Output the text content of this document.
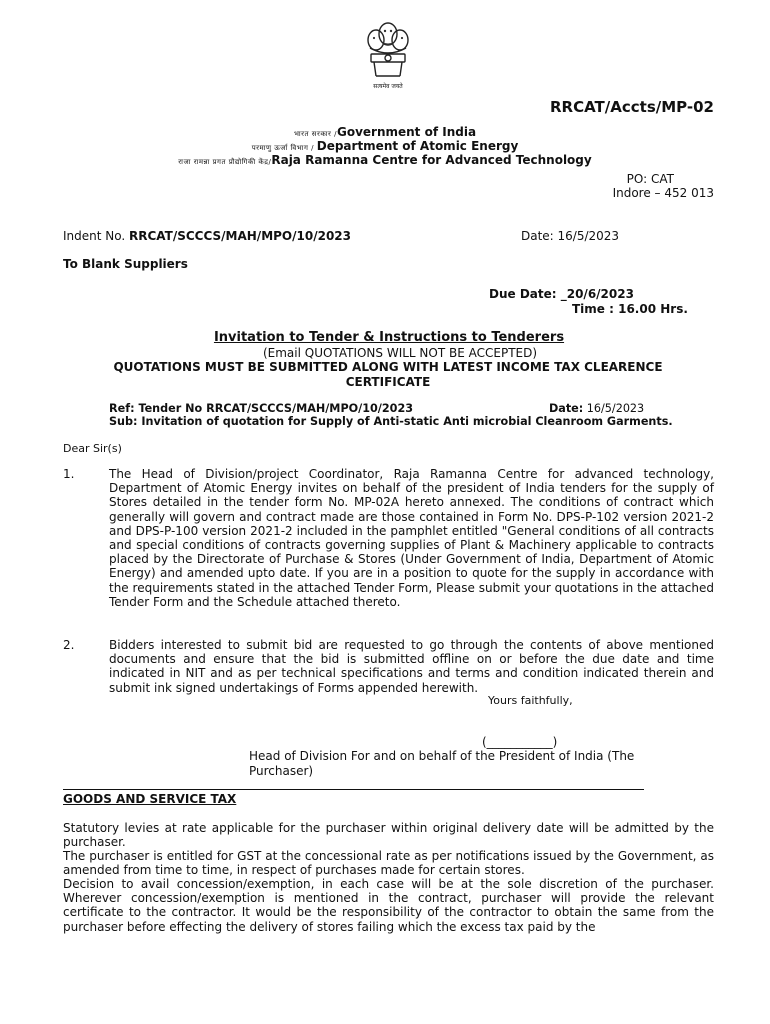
सत्यमेव जयते
RRCAT/Accts/MP-02
भारत सरकार /Government of India
परमाणु ऊर्जा विभाग / Department of Atomic Energy
राजा रामन्ना प्रगत प्रौद्योगिकी केंद्र/Raja Ramanna Centre for Advanced Technology
PO: CAT
Indore – 452 013
Indent No. RRCAT/SCCCS/MAH/MPO/10/2023	Date: 16/5/2023
To Blank Suppliers
Due Date: _20/6/2023
Time : 16.00 Hrs.
Invitation to Tender & Instructions to Tenderers
(Email QUOTATIONS WILL NOT BE ACCEPTED)
QUOTATIONS MUST BE SUBMITTED ALONG WITH LATEST INCOME TAX CLEARENCE CERTIFICATE
Ref: Tender No RRCAT/SCCCS/MAH/MPO/10/2023	Date: 16/5/2023
Sub: Invitation of quotation for Supply of Anti-static Anti microbial Cleanroom Garments.
Dear Sir(s)
1.	The Head of Division/project Coordinator, Raja Ramanna Centre for advanced technology, Department of Atomic Energy invites on behalf of the president of India tenders for the supply of Stores detailed in the tender form No. MP-02A hereto annexed. The conditions of contract which generally will govern and contract made are those contained in Form No. DPS-P-102 version 2021-2 and DPS-P-100 version 2021-2 included in the pamphlet entitled "General conditions of all contracts and special conditions of contracts governing supplies of Plant & Machinery applicable to contracts placed by the Directorate of Purchase & Stores (Under Government of India, Department of Atomic Energy) and amended upto date. If you are in a position to quote for the supply in accordance with the requirements stated in the attached Tender Form, Please submit your quotations in the attached Tender Form and the Schedule attached thereto.
2.	Bidders interested to submit bid are requested to go through the contents of above mentioned documents and ensure that the bid is submitted offline on or before the due date and time indicated in NIT and as per technical specifications and terms and condition indicated therein and submit ink signed undertakings of Forms appended herewith.
Yours faithfully,
(___________)
Head of Division For and on behalf of the President of India (The Purchaser)
GOODS AND SERVICE TAX
Statutory levies at rate applicable for the purchaser within original delivery date will be admitted by the purchaser.
The purchaser is entitled for GST at the concessional rate as per notifications issued by the Government, as amended from time to time, in respect of purchases made for certain stores.
Decision to avail concession/exemption, in each case will be at the sole discretion of the purchaser. Wherever concession/exemption is mentioned in the contract, purchaser will provide the relevant certificate to the contractor. It would be the responsibility of the contractor to obtain the same from the purchaser before effecting the delivery of stores failing which the excess tax paid by the
